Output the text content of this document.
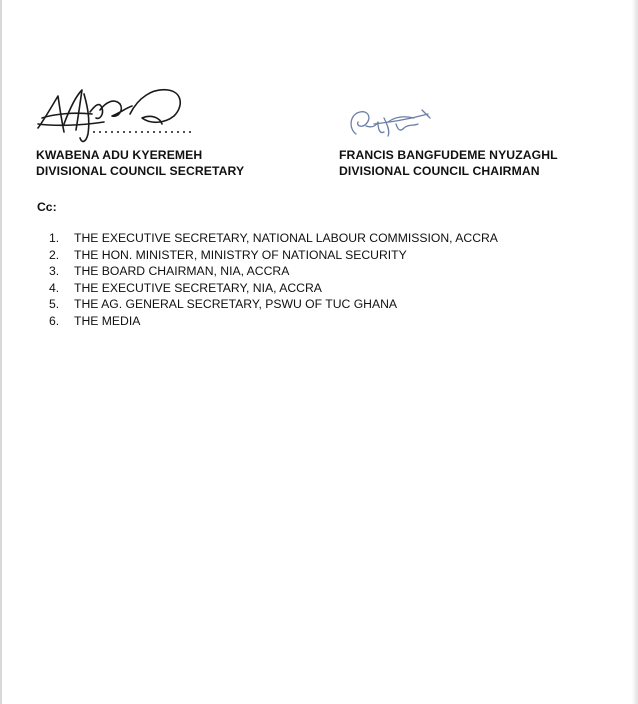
KWABENA ADU KYEREMEH
DIVISIONAL COUNCIL SECRETARY
FRANCIS BANGFUDEME NYUZAGHL
DIVISIONAL COUNCIL CHAIRMAN
Cc:
1. THE EXECUTIVE SECRETARY, NATIONAL LABOUR COMMISSION, ACCRA
2. THE HON. MINISTER, MINISTRY OF NATIONAL SECURITY
3. THE BOARD CHAIRMAN, NIA, ACCRA
4. THE EXECUTIVE SECRETARY, NIA, ACCRA
5. THE AG. GENERAL SECRETARY, PSWU OF TUC GHANA
6. THE MEDIA
